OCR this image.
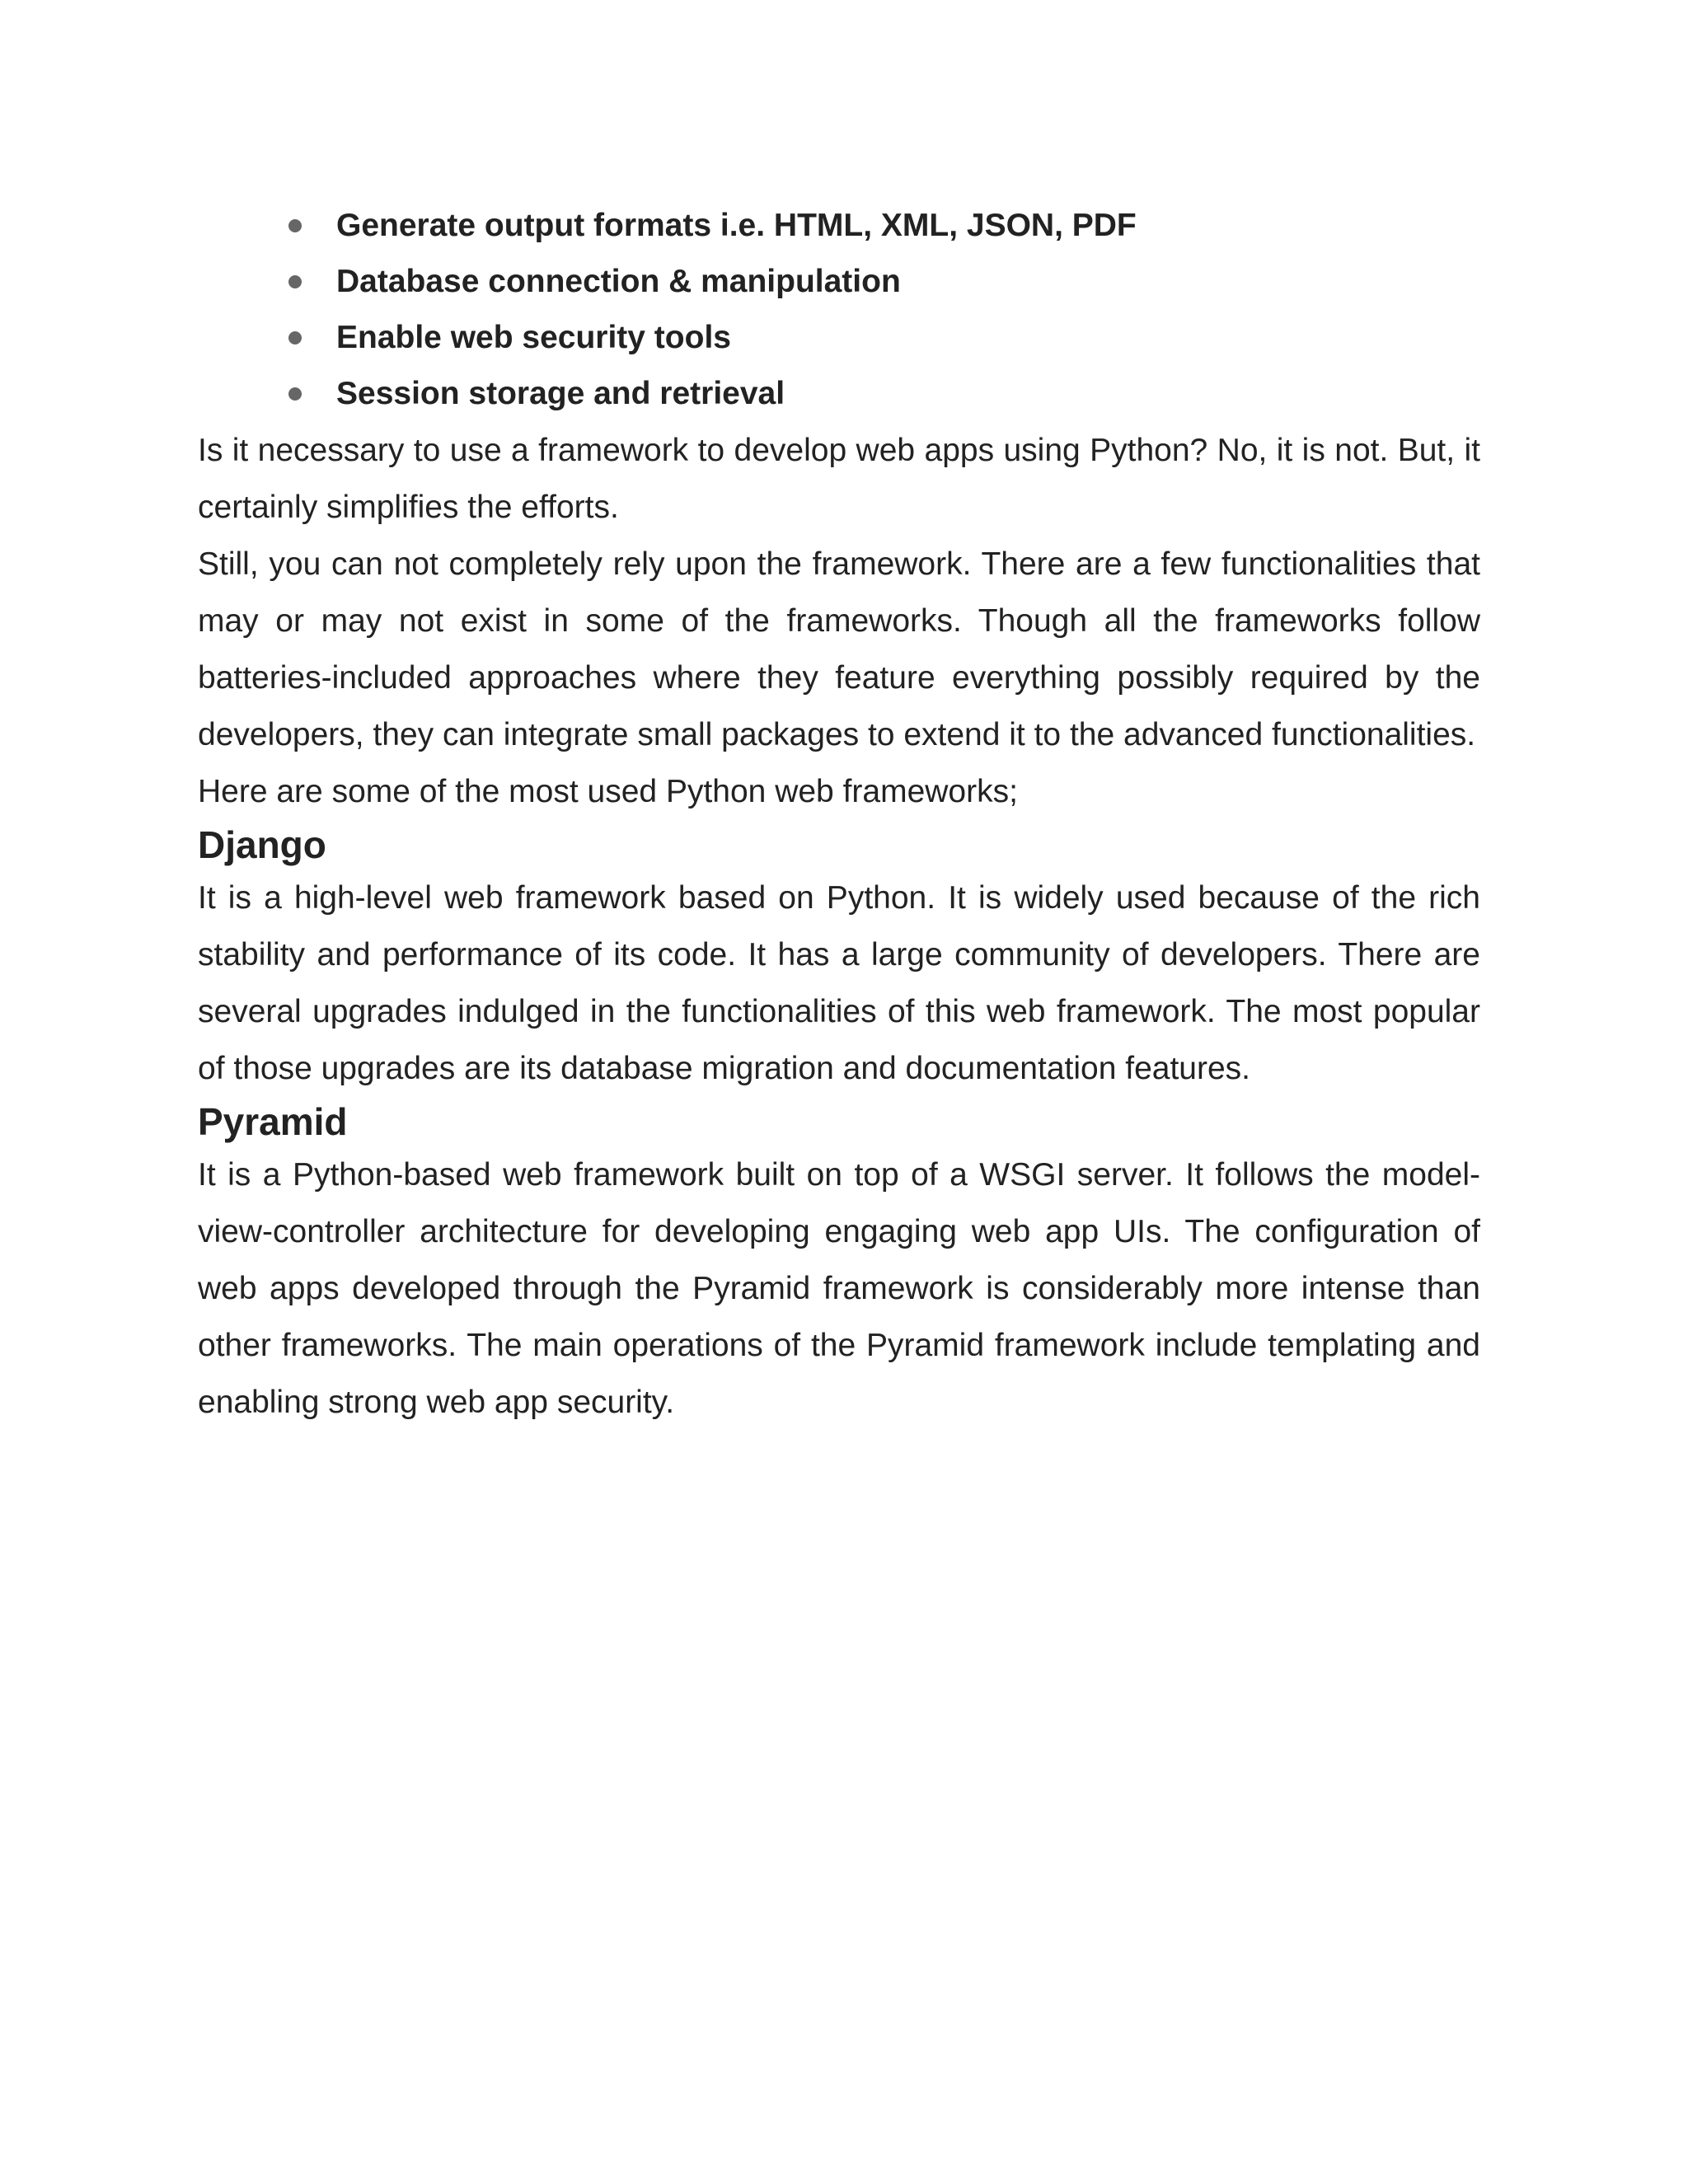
Generate output formats i.e. HTML, XML, JSON, PDF
Database connection & manipulation
Enable web security tools
Session storage and retrieval

Is it necessary to use a framework to develop web apps using Python? No, it is not. But, it certainly simplifies the efforts.

Still, you can not completely rely upon the framework. There are a few functionalities that may or may not exist in some of the frameworks. Though all the frameworks follow batteries-included approaches where they feature everything possibly required by the developers, they can integrate small packages to extend it to the advanced functionalities.

Here are some of the most used Python web frameworks;

Django

It is a high-level web framework based on Python. It is widely used because of the rich stability and performance of its code. It has a large community of developers. There are several upgrades indulged in the functionalities of this web framework. The most popular of those upgrades are its database migration and documentation features.

Pyramid

It is a Python-based web framework built on top of a WSGI server. It follows the model-view-controller architecture for developing engaging web app UIs. The configuration of web apps developed through the Pyramid framework is considerably more intense than other frameworks. The main operations of the Pyramid framework include templating and enabling strong web app security.
